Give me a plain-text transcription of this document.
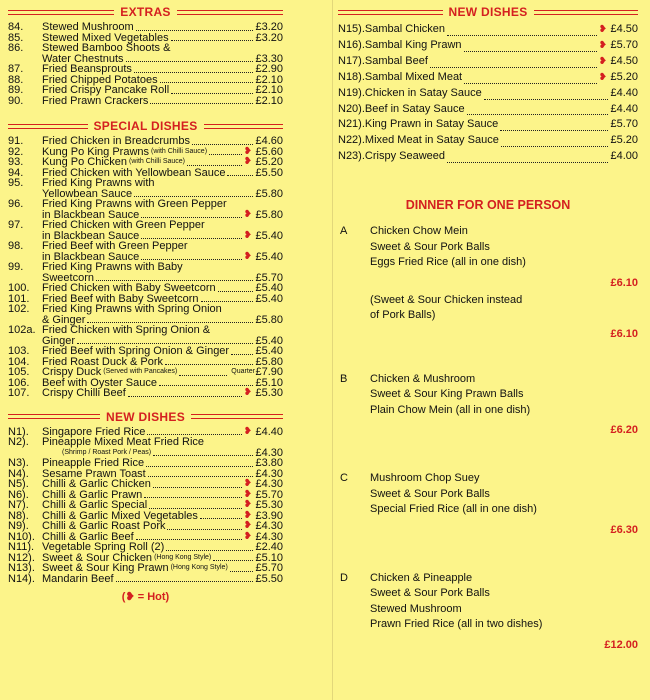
EXTRAS
84.	Stewed Mushroom	£3.20
85.	Stewed Mixed Vegetables	£3.20
86.	Stewed Bamboo Shoots &
Water Chestnuts	£3.30
87.	Fried Beansprouts	£2.90
88.	Fried Chipped Potatoes	£2.10
89.	Fried Crispy Pancake Roll	£2.10
90.	Fried Prawn Crackers	£2.10
SPECIAL DISHES
91.	Fried Chicken in Breadcrumbs	£4.60
92.	Kung Po King Prawns (with Chilli Sauce)	❥ £5.60
93.	Kung Po Chicken (with Chilli Sauce)	❥ £5.20
94.	Fried Chicken with Yellowbean Sauce	£5.50
95.	Fried King Prawns with
Yellowbean Sauce	£5.80
96.	Fried King Prawns with Green Pepper
in Blackbean Sauce	❥ £5.80
97.	Fried Chicken with Green Pepper
in Blackbean Sauce	❥ £5.40
98.	Fried Beef with Green Pepper
in Blackbean Sauce	❥ £5.40
99.	Fried King Prawns with Baby
Sweetcorn	£5.70
100.	Fried Chicken with Baby Sweetcorn	£5.40
101.	Fried Beef with Baby Sweetcorn	£5.40
102.	Fried King Prawns with Spring Onion
& Ginger	£5.80
102a. Fried Chicken with Spring Onion &
Ginger	£5.40
103.	Fried Beef with Spring Onion & Ginger £5.40
104.	Fried Roast Duck & Pork	£5.80
105.	Crispy Duck (Served with Pancakes)	Quarter £7.90
106.	Beef with Oyster Sauce	£5.10
107.	Crispy Chilli Beef	❥ £5.30
NEW DISHES
N1).	Singapore Fried Rice	❥ £4.40
N2).	Pineapple Mixed Meat Fried Rice
(Shrimp / Roast Pork / Peas)	£4.30
N3).	Pineapple Fried Rice	£3.80
N4).	Sesame Prawn Toast	£4.30
N5).	Chilli & Garlic Chicken	❥ £4.30
N6).	Chilli & Garlic Prawn	❥ £5.70
N7).	Chilli & Garlic Special	❥ £5.30
N8).	Chilli & Garlic Mixed Vegetables	❥ £3.90
N9).	Chilli & Garlic Roast Pork	❥ £4.30
N10). Chilli & Garlic Beef	❥ £4.30
N11). Vegetable Spring Roll (2)	£2.40
N12). Sweet & Sour Chicken (Hong Kong Style)	£5.10
N13). Sweet & Sour King Prawn (Hong Kong Style)	£5.70
N14). Mandarin Beef	£5.50
(❥ = Hot)
NEW DISHES
N15). Sambal Chicken	❥ £4.50
N16). Sambal King Prawn	❥ £5.70
N17). Sambal Beef	❥ £4.50
N18). Sambal Mixed Meat	❥ £5.20
N19). Chicken in Satay Sauce	£4.40
N20). Beef in Satay Sauce	£4.40
N21). King Prawn in Satay Sauce	£5.70
N22). Mixed Meat in Satay Sauce	£5.20
N23). Crispy Seaweed	£4.00
DINNER FOR ONE PERSON
A Chicken Chow Mein
Sweet & Sour Pork Balls
Eggs Fried Rice (all in one dish)
£6.10
(Sweet & Sour Chicken instead
of Pork Balls)
£6.10
B Chicken & Mushroom
Sweet & Sour King Prawn Balls
Plain Chow Mein (all in one dish)
£6.20
C Mushroom Chop Suey
Sweet & Sour Pork Balls
Special Fried Rice (all in one dish)
£6.30
D Chicken & Pineapple
Sweet & Sour Pork Balls
Stewed Mushroom
Prawn Fried Rice (all in two dishes)
£12.00
